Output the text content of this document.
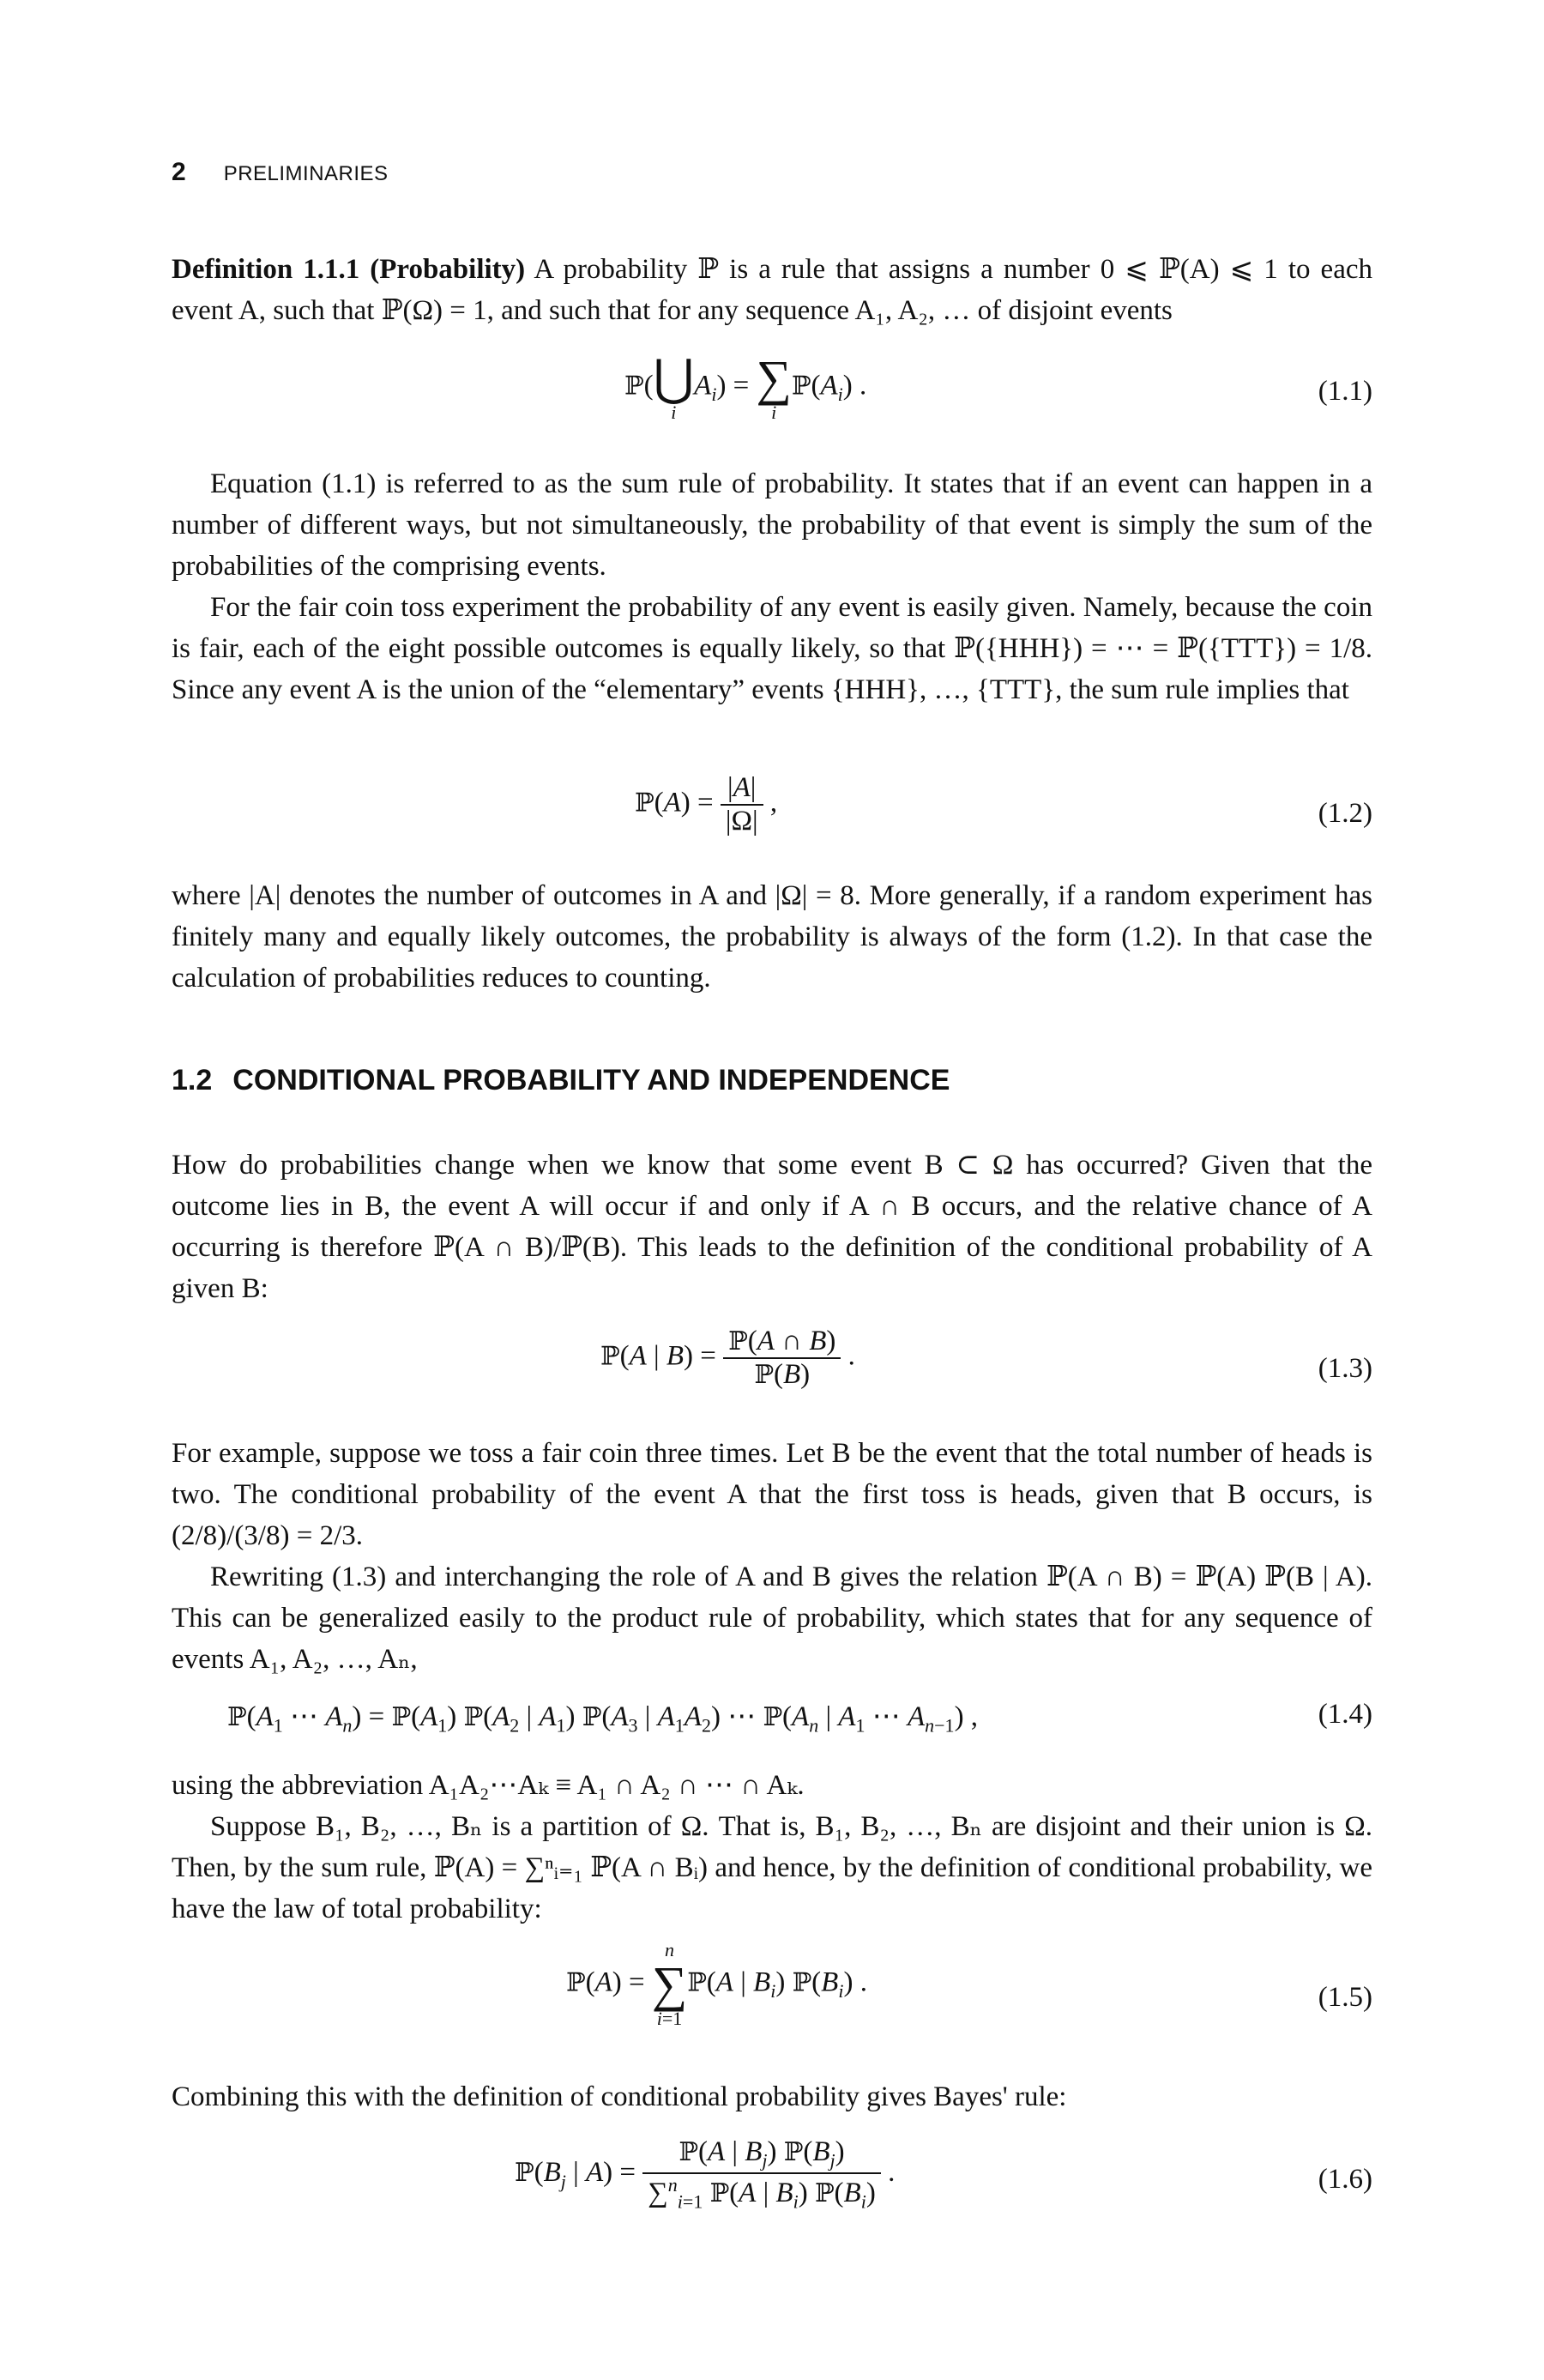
2 PRELIMINARIES

Definition 1.1.1 (Probability) A probability ℙ is a rule that assigns a number 0 ⩽ ℙ(A) ⩽ 1 to each event A, such that ℙ(Ω) = 1, and such that for any sequence A₁, A₂, … of disjoint events

ℙ( ⋃
i
$A_i$) = ∑
i
$ℙ(A_i)$ .	(1.1)

Equation (1.1) is referred to as the sum rule of probability. It states that if an event can happen in a number of different ways, but not simultaneously, the probability of that event is simply the sum of the probabilities of the comprising events.

For the fair coin toss experiment the probability of any event is easily given. Namely, because the coin is fair, each of the eight possible outcomes is equally likely, so that ℙ({HHH}) = ⋯ = ℙ({TTT}) = 1/8. Since any event A is the union of the “elementary” events {HHH}, …, {TTT}, the sum rule implies that

ℙ(A) = $\frac{|A|}{|\Omega|}$ ,	(1.2)

where |A| denotes the number of outcomes in A and |Ω| = 8. More generally, if a random experiment has finitely many and equally likely outcomes, the probability is always of the form (1.2). In that case the calculation of probabilities reduces to counting.

1.2 CONDITIONAL PROBABILITY AND INDEPENDENCE

How do probabilities change when we know that some event B ⊂ Ω has occurred? Given that the outcome lies in B, the event A will occur if and only if A ∩ B occurs, and the relative chance of A occurring is therefore ℙ(A ∩ B)/ℙ(B). This leads to the definition of the conditional probability of A given B:

ℙ(A | $B) = \frac{\text{ℙ(A ∩ B)}}{\text{ℙ(B)}}$ .	(1.3)

For example, suppose we toss a fair coin three times. Let B be the event that the total number of heads is two. The conditional probability of the event A that the first toss is heads, given that B occurs, is (2/8)/(3/8) = 2/3.

Rewriting (1.3) and interchanging the role of A and B gives the relation ℙ(A ∩ B) = ℙ(A) ℙ(B | A). This can be generalized easily to the product rule of probability, which states that for any sequence of events A₁, A₂, …, Aₙ,

$ℙ(A_1$ ⋯ $A_n$) = $ℙ(A_1)$ $ℙ(A_2$ | $A_1$) $ℙ(A_3$ | $A_1A_2$) ⋯ $ℙ(A_n$ | $A_1$ ⋯ $A_{n-1}$) ,	(1.4)

using the abbreviation A₁A₂⋯Aₖ ≡ A₁ ∩ A₂ ∩ ⋯ ∩ Aₖ.

Suppose B₁, B₂, …, Bₙ is a partition of Ω. That is, B₁, B₂, …, Bₙ are disjoint and their union is Ω. Then, by the sum rule, ℙ(A) = ∑ⁿᵢ₌₁ ℙ(A ∩ Bᵢ) and hence, by the definition of conditional probability, we have the law of total probability:

ℙ(A) =
n
∑
i=1
ℙ(A | $B_i$) $ℙ(B_i)$ .	(1.5)

Combining this with the definition of conditional probability gives Bayes' rule:

$ℙ(B_j$ | $A) = \frac{ℙ(A | B_j) ℙ(B_j)}{\sum^n_{i=1} ℙ(A | B_i) ℙ(B_i)}$ .	(1.6)
